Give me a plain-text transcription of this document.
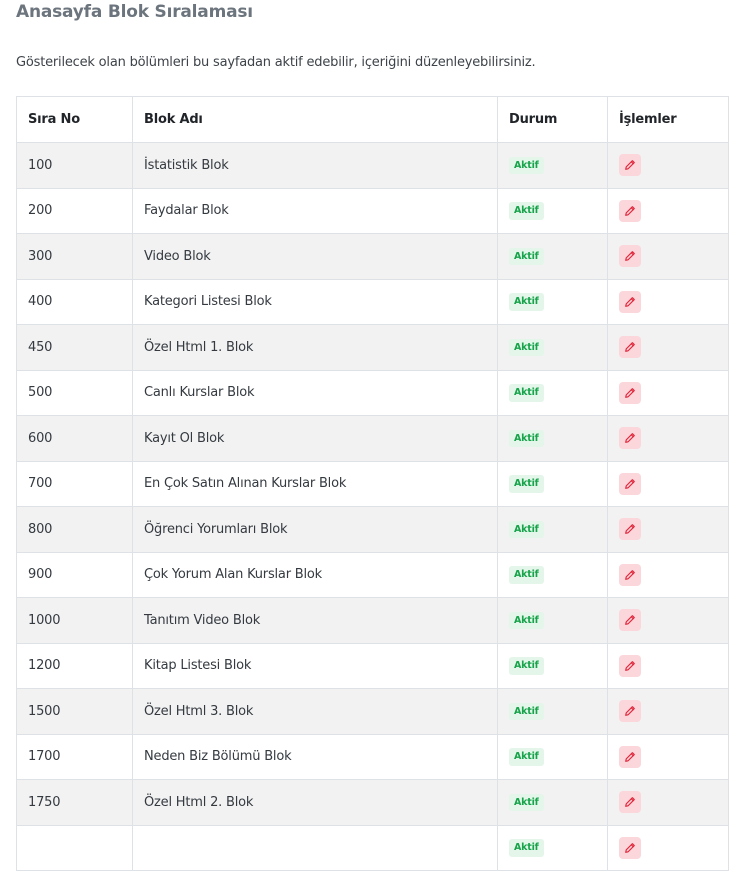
Anasayfa Blok Sıralaması

Gösterilecek olan bölümleri bu sayfadan aktif edebilir, içeriğini düzenleyebilirsiniz.

Sıra No	Blok Adı	Durum	İşlemler
100	İstatistik Blok	Aktif	

200	Faydalar Blok	Aktif	

300	Video Blok	Aktif	

400	Kategori Listesi Blok	Aktif	

450	Özel Html 1. Blok	Aktif	

500	Canlı Kurslar Blok	Aktif	

600	Kayıt Ol Blok	Aktif	

700	En Çok Satın Alınan Kurslar Blok	Aktif	

800	Öğrenci Yorumları Blok	Aktif	

900	Çok Yorum Alan Kurslar Blok	Aktif	

1000	Tanıtım Video Blok	Aktif	

1200	Kitap Listesi Blok	Aktif	

1500	Özel Html 3. Blok	Aktif	

1700	Neden Biz Bölümü Blok	Aktif	

1750	Özel Html 2. Blok	Aktif	

		Aktif	
